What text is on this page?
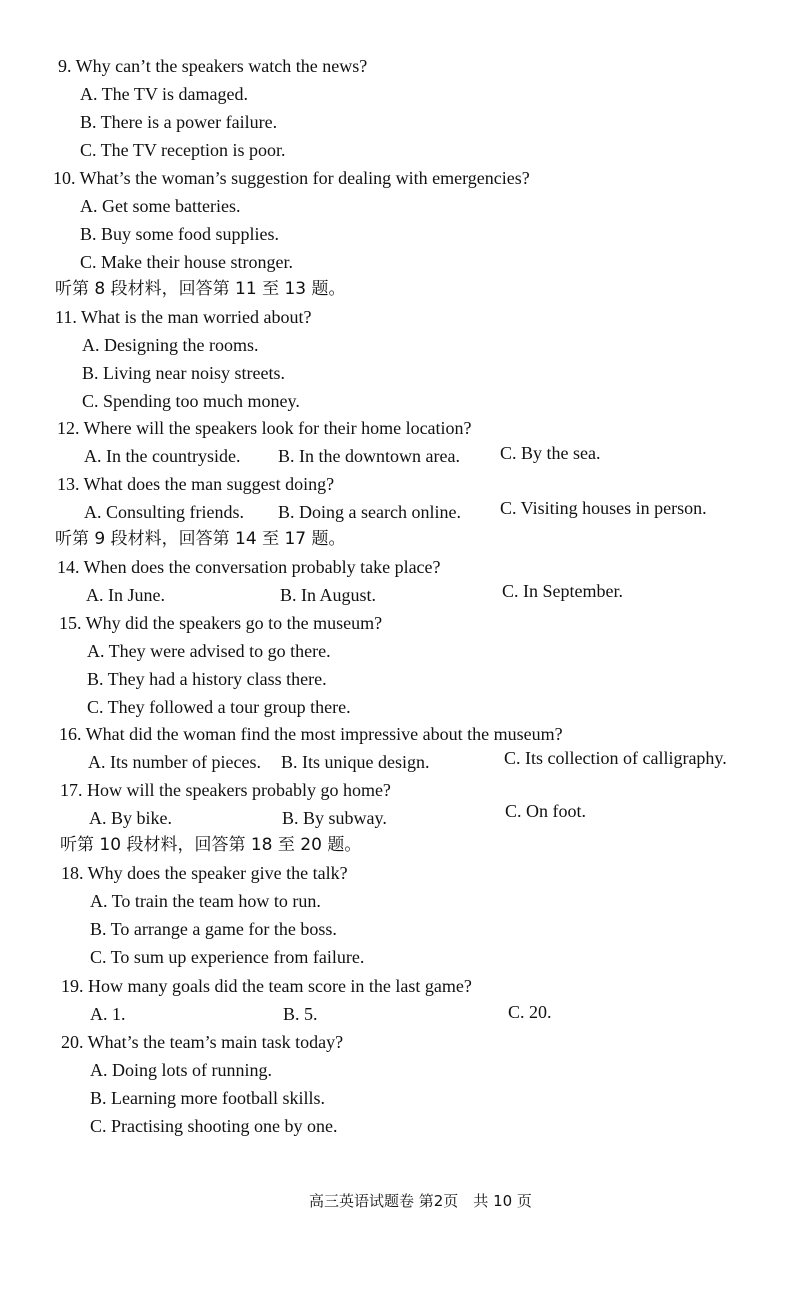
9. Why can’t the speakers watch the news?
A. The TV is damaged.
B. There is a power failure.
C. The TV reception is poor.
10. What’s the woman’s suggestion for dealing with emergencies?
A. Get some batteries.
B. Buy some food supplies.
C. Make their house stronger.
听第 8 段材料，回答第 11 至 13 题。
11. What is the man worried about?
A. Designing the rooms.
B. Living near noisy streets.
C. Spending too much money.
12. Where will the speakers look for their home location?
A. In the countryside. B. In the downtown area. C. By the sea.
13. What does the man suggest doing?
A. Consulting friends. B. Doing a search online. C. Visiting houses in person.
听第 9 段材料，回答第 14 至 17 题。
14. When does the conversation probably take place?
A. In June.	B. In August.	C. In September.
15. Why did the speakers go to the museum?
A. They were advised to go there.
B. They had a history class there.
C. They followed a tour group there.
16. What did the woman find the most impressive about the museum?
A. Its number of pieces. B. Its unique design.	C. Its collection of calligraphy.
17. How will the speakers probably go home?
A. By bike.	B. By subway.	C. On foot.
听第 10 段材料，回答第 18 至 20 题。
18. Why does the speaker give the talk?
A. To train the team how to run.
B. To arrange a game for the boss.
C. To sum up experience from failure.
19. How many goals did the team score in the last game?
A. 1.	B. 5.	C. 20.
20. What’s the team’s main task today?
A. Doing lots of running.
B. Learning more football skills.
C. Practising shooting one by one.
高三英语试题卷 第2页　共 10 页
